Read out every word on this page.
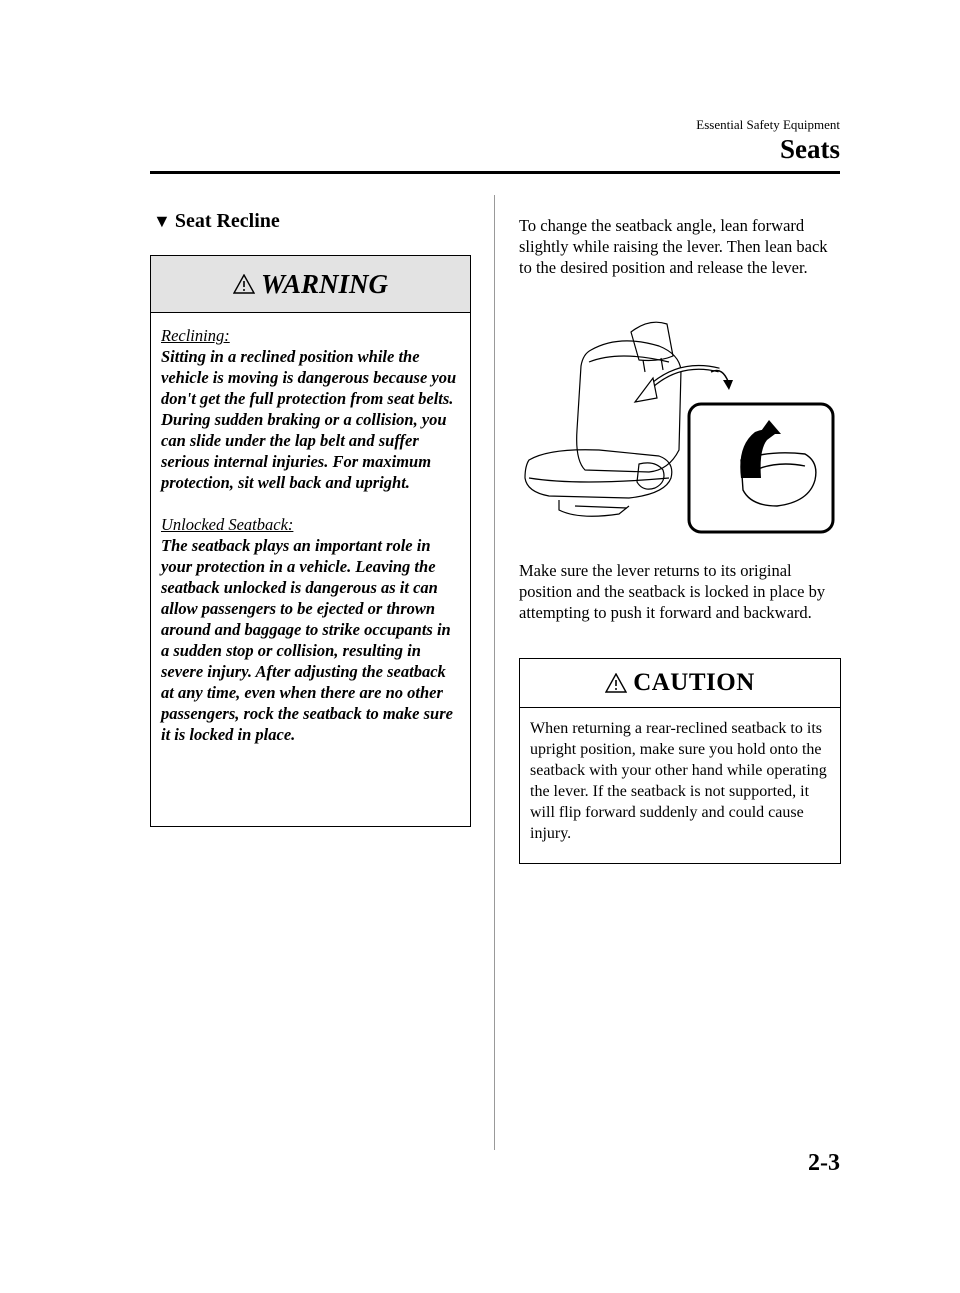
Essential Safety Equipment
Seats
▼ Seat Recline
WARNING

Reclining:

Sitting in a reclined position while the vehicle is moving is dangerous because you don't get the full protection from seat belts. During sudden braking or a collision, you can slide under the lap belt and suffer serious internal injuries. For maximum protection, sit well back and upright.

Unlocked Seatback:

The seatback plays an important role in your protection in a vehicle. Leaving the seatback unlocked is dangerous as it can allow passengers to be ejected or thrown around and baggage to strike occupants in a sudden stop or collision, resulting in severe injury. After adjusting the seatback at any time, even when there are no other passengers, rock the seatback to make sure it is locked in place.

To change the seatback angle, lean forward slightly while raising the lever. Then lean back to the desired position and release the lever.
Make sure the lever returns to its original position and the seatback is locked in place by attempting to push it forward and backward.
CAUTION
When returning a rear-reclined seatback to its upright position, make sure you hold onto the seatback with your other hand while operating the lever. If the seatback is not supported, it will flip forward suddenly and could cause injury.
2-3
